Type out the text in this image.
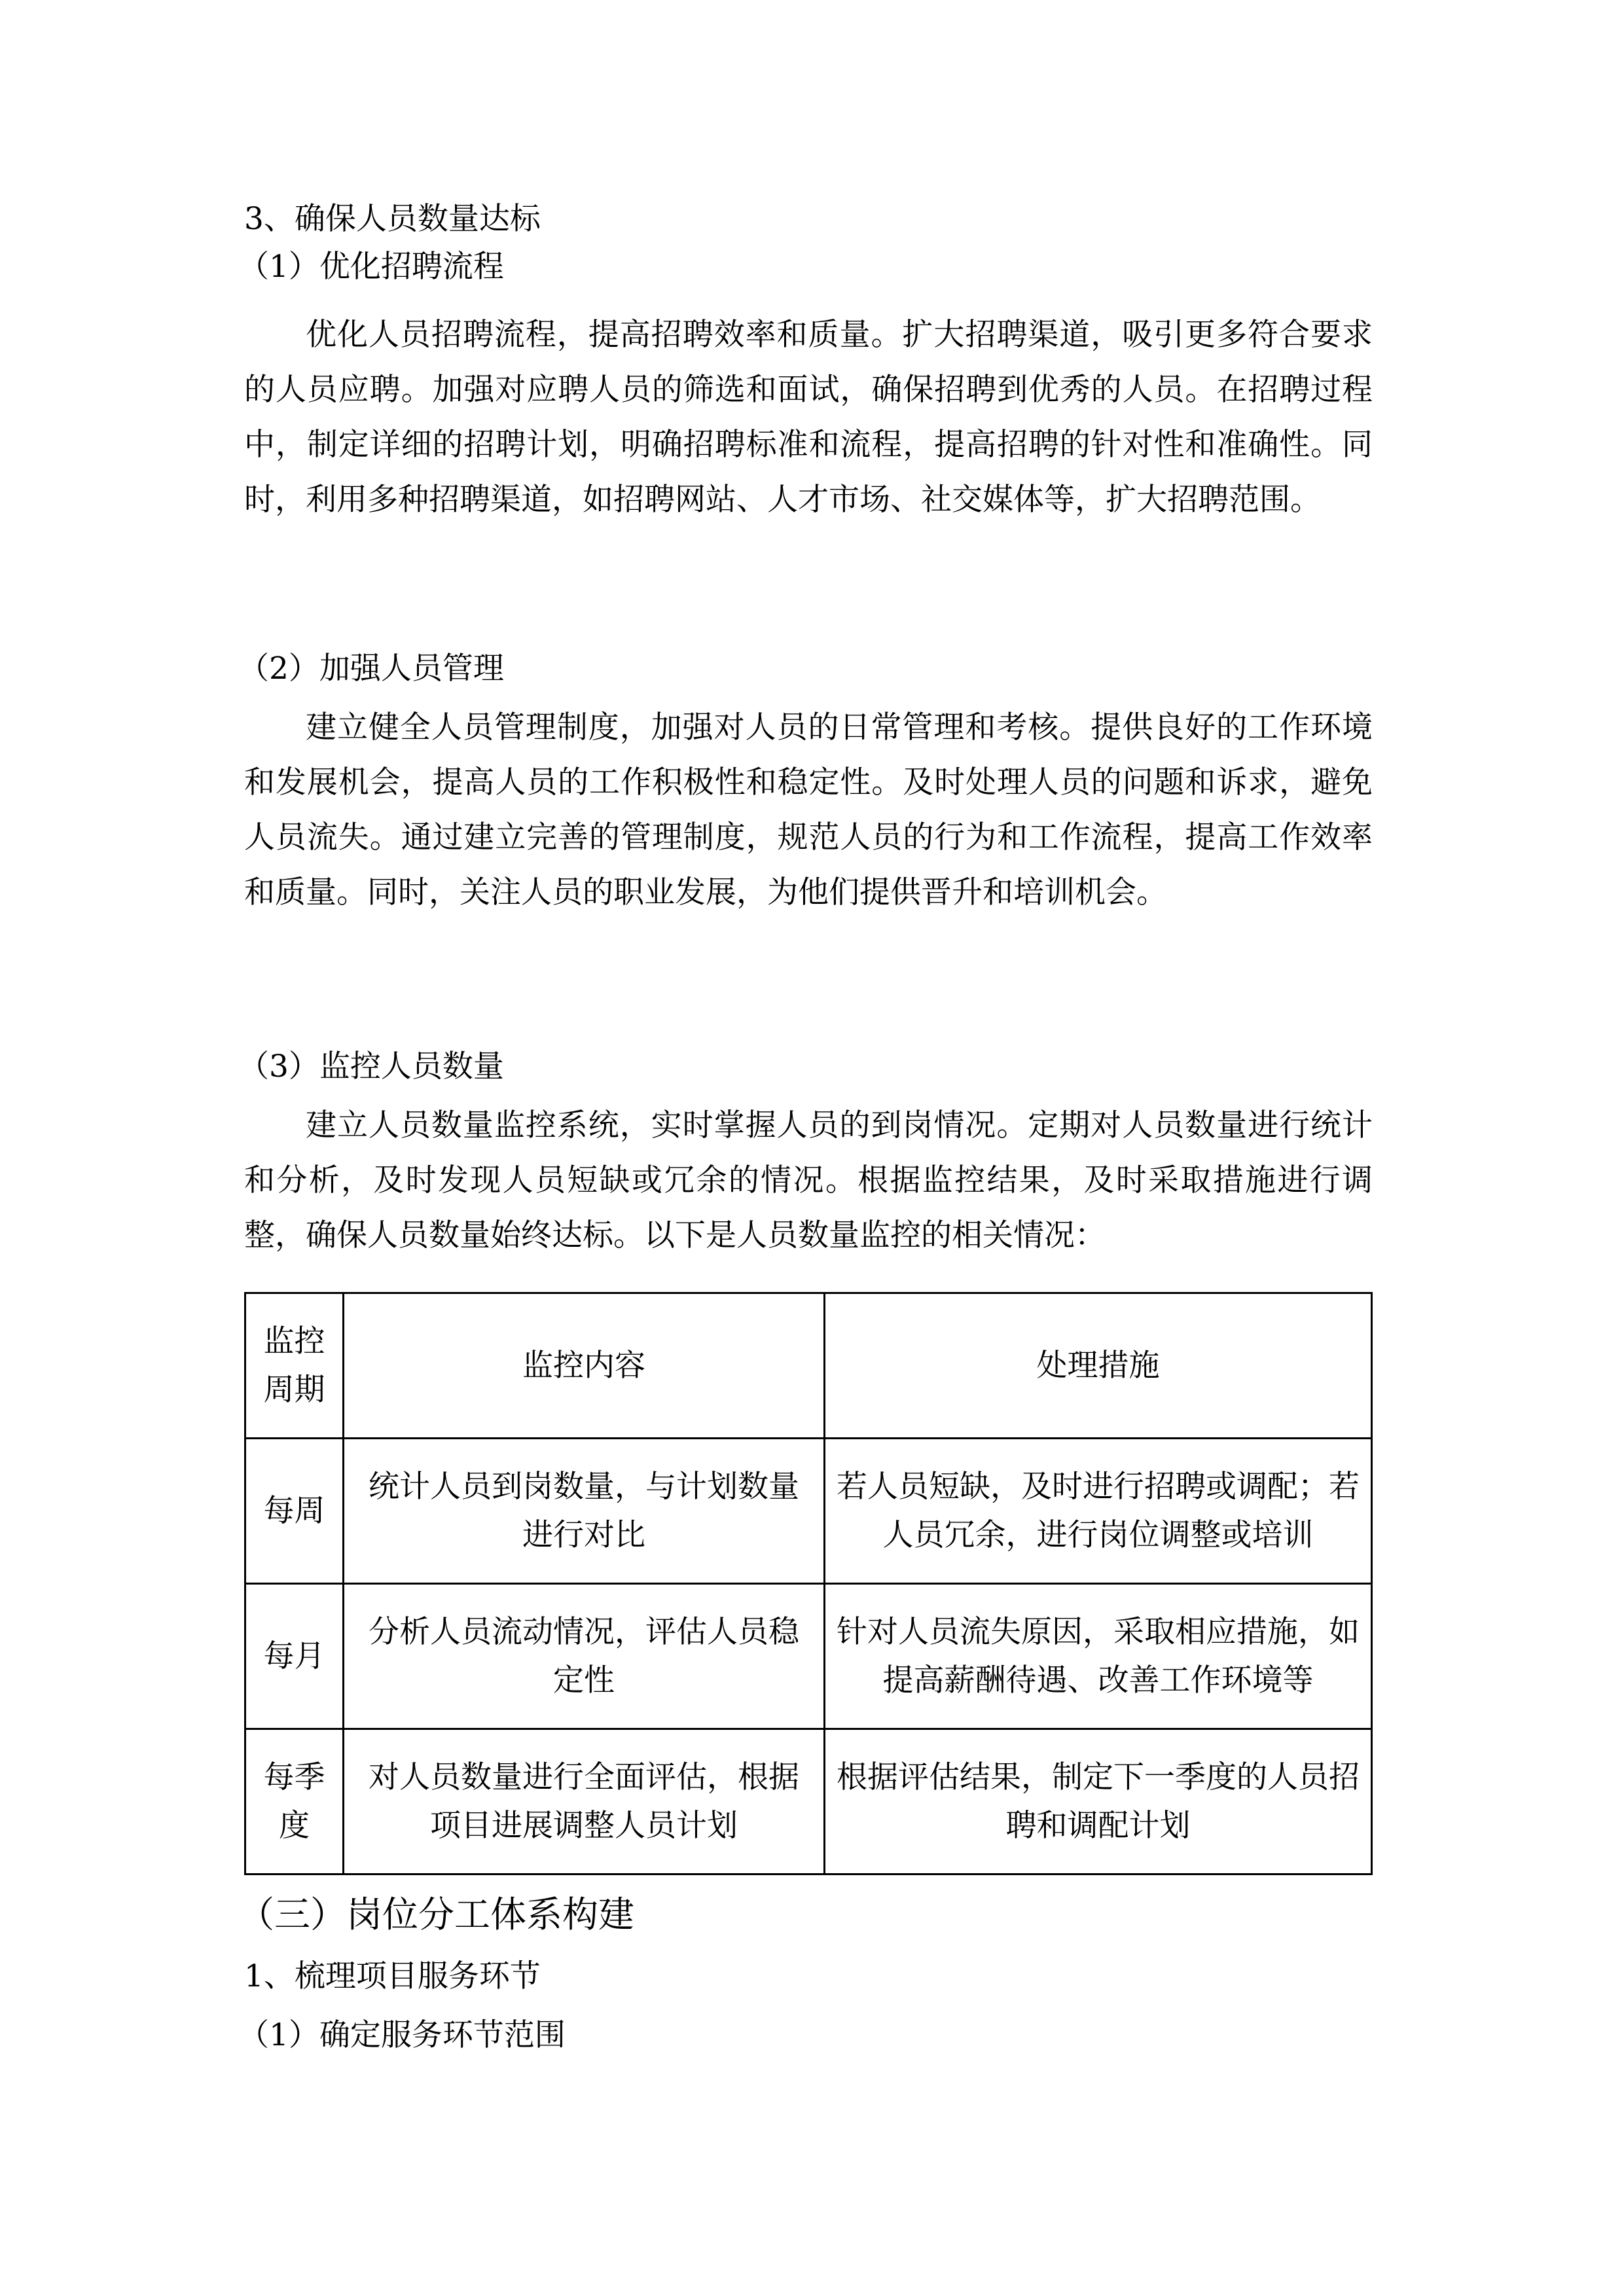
3、确保人员数量达标
（1）优化招聘流程
优化人员招聘流程，提高招聘效率和质量。扩大招聘渠道，吸引更多符合要求的人员应聘。加强对应聘人员的筛选和面试，确保招聘到优秀的人员。在招聘过程中，制定详细的招聘计划，明确招聘标准和流程，提高招聘的针对性和准确性。同时，利用多种招聘渠道，如招聘网站、人才市场、社交媒体等，扩大招聘范围。
（2）加强人员管理
建立健全人员管理制度，加强对人员的日常管理和考核。提供良好的工作环境和发展机会，提高人员的工作积极性和稳定性。及时处理人员的问题和诉求，避免人员流失。通过建立完善的管理制度，规范人员的行为和工作流程，提高工作效率和质量。同时，关注人员的职业发展，为他们提供晋升和培训机会。
（3）监控人员数量
建立人员数量监控系统，实时掌握人员的到岗情况。定期对人员数量进行统计和分析，及时发现人员短缺或冗余的情况。根据监控结果，及时采取措施进行调整，确保人员数量始终达标。以下是人员数量监控的相关情况：
监控周期	监控内容	处理措施
每周	统计人员到岗数量，与计划数量进行对比	若人员短缺，及时进行招聘或调配；若人员冗余，进行岗位调整或培训
每月	分析人员流动情况，评估人员稳定性	针对人员流失原因，采取相应措施，如提高薪酬待遇、改善工作环境等
每季度	对人员数量进行全面评估，根据项目进展调整人员计划	根据评估结果，制定下一季度的人员招聘和调配计划
（三）岗位分工体系构建
1、梳理项目服务环节
（1）确定服务环节范围
